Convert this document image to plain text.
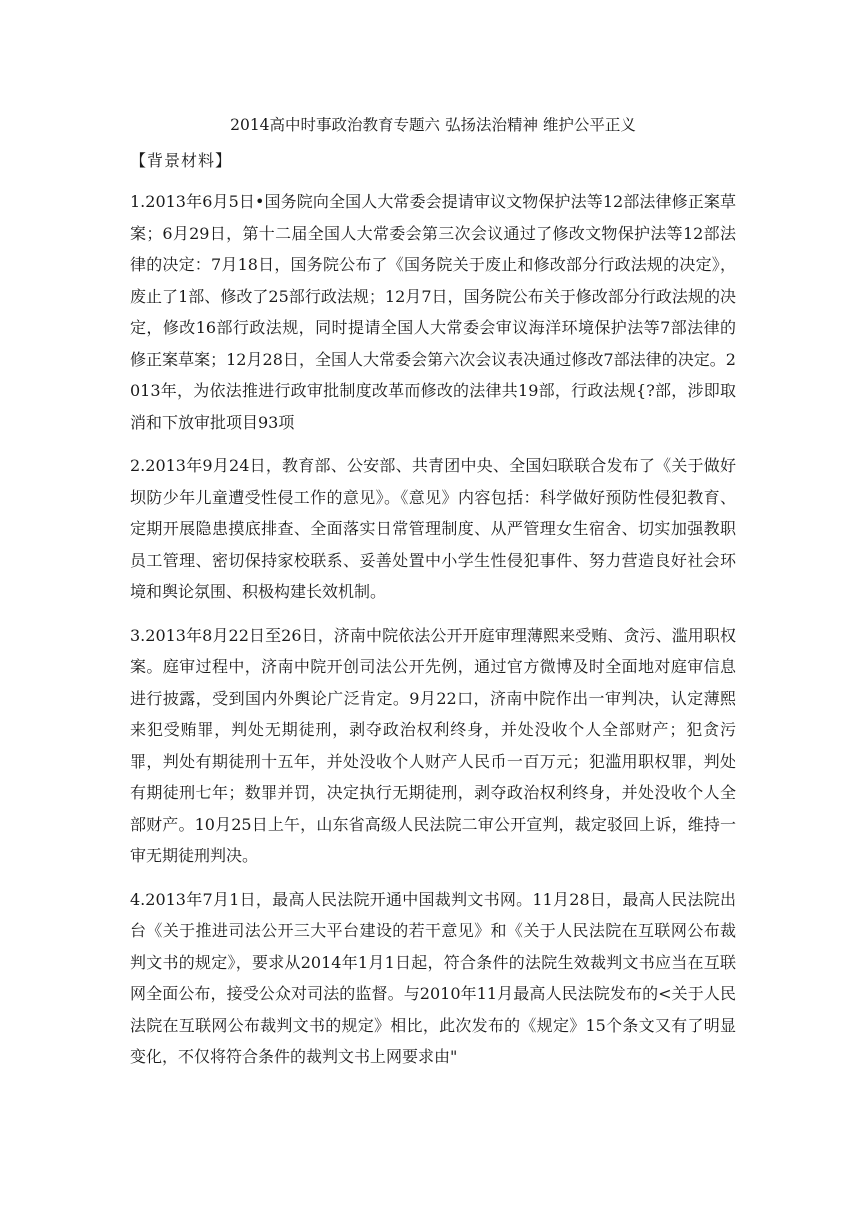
2014高中时事政治教育专题六 弘扬法治精神 维护公平正义
【背景材料】

1.2013年6月5日•国务院向全国人大常委会提请审议文物保护法等12部法律修正案草案；6月29日，第十二届全国人大常委会第三次会议通过了修改文物保护法等12部法律的决定：7月18日，国务院公布了《国务院关于废止和修改部分行政法规的决定》，废止了1部、修改了25部行政法规；12月7日，国务院公布关于修改部分行政法规的决定，修改16部行政法规，同时提请全国人大常委会审议海洋环境保护法等7部法律的修正案草案；12月28日，全国人大常委会第六次会议表决通过修改7部法律的决定。2013年，为依法推进行政审批制度改革而修改的法律共19部，行政法规{?部，涉即取消和下放审批项目93项

2.2013年9月24日，教育部、公安部、共青团中央、全国妇联联合发布了《关于做好坝防少年儿童遭受性侵工作的意见》。《意见》内容包括：科学做好预防性侵犯教育、定期开展隐患摸底排查、全面落实日常管理制度、从严管理女生宿舍、切实加强教职员工管理、密切保持家校联系、妥善处置中小学生性侵犯事件、努力营造良好社会环境和舆论氛围、积极构建长效机制。

3.2013年8月22日至26日，济南中院依法公开开庭审理薄熙来受贿、贪污、滥用职权案。庭审过程中，济南中院开创司法公开先例，通过官方微博及时全面地对庭审信息进行披露，受到国内外舆论广泛肯定。9月22口，济南中院作出一审判决，认定薄熙来犯受贿罪，判处无期徒刑，剥夺政治权利终身，并处没收个人全部财产；犯贪污罪，判处有期徒刑十五年，并处没收个人财产人民币一百万元；犯滥用职权罪，判处有期徒刑七年；数罪并罚，决定执行无期徒刑，剥夺政治权利终身，并处没收个人全部财产。10月25日上午，山东省高级人民法院二审公开宣判，裁定驳回上诉，维持一审无期徒刑判决。

4.2013年7月1日，最高人民法院开通中国裁判文书网。11月28日，最高人民法院出台《关于推进司法公开三大平台建设的若干意见》和《关于人民法院在互联网公布裁判文书的规定》，要求从2014年1月1日起，符合条件的法院生效裁判文书应当在互联网全面公布，接受公众对司法的监督。与2010年11月最高人民法院发布的<关于人民法院在互联网公布裁判文书的规定》相比，此次发布的《规定》15个条文又有了明显变化，不仅将符合条件的裁判文书上网要求由"
